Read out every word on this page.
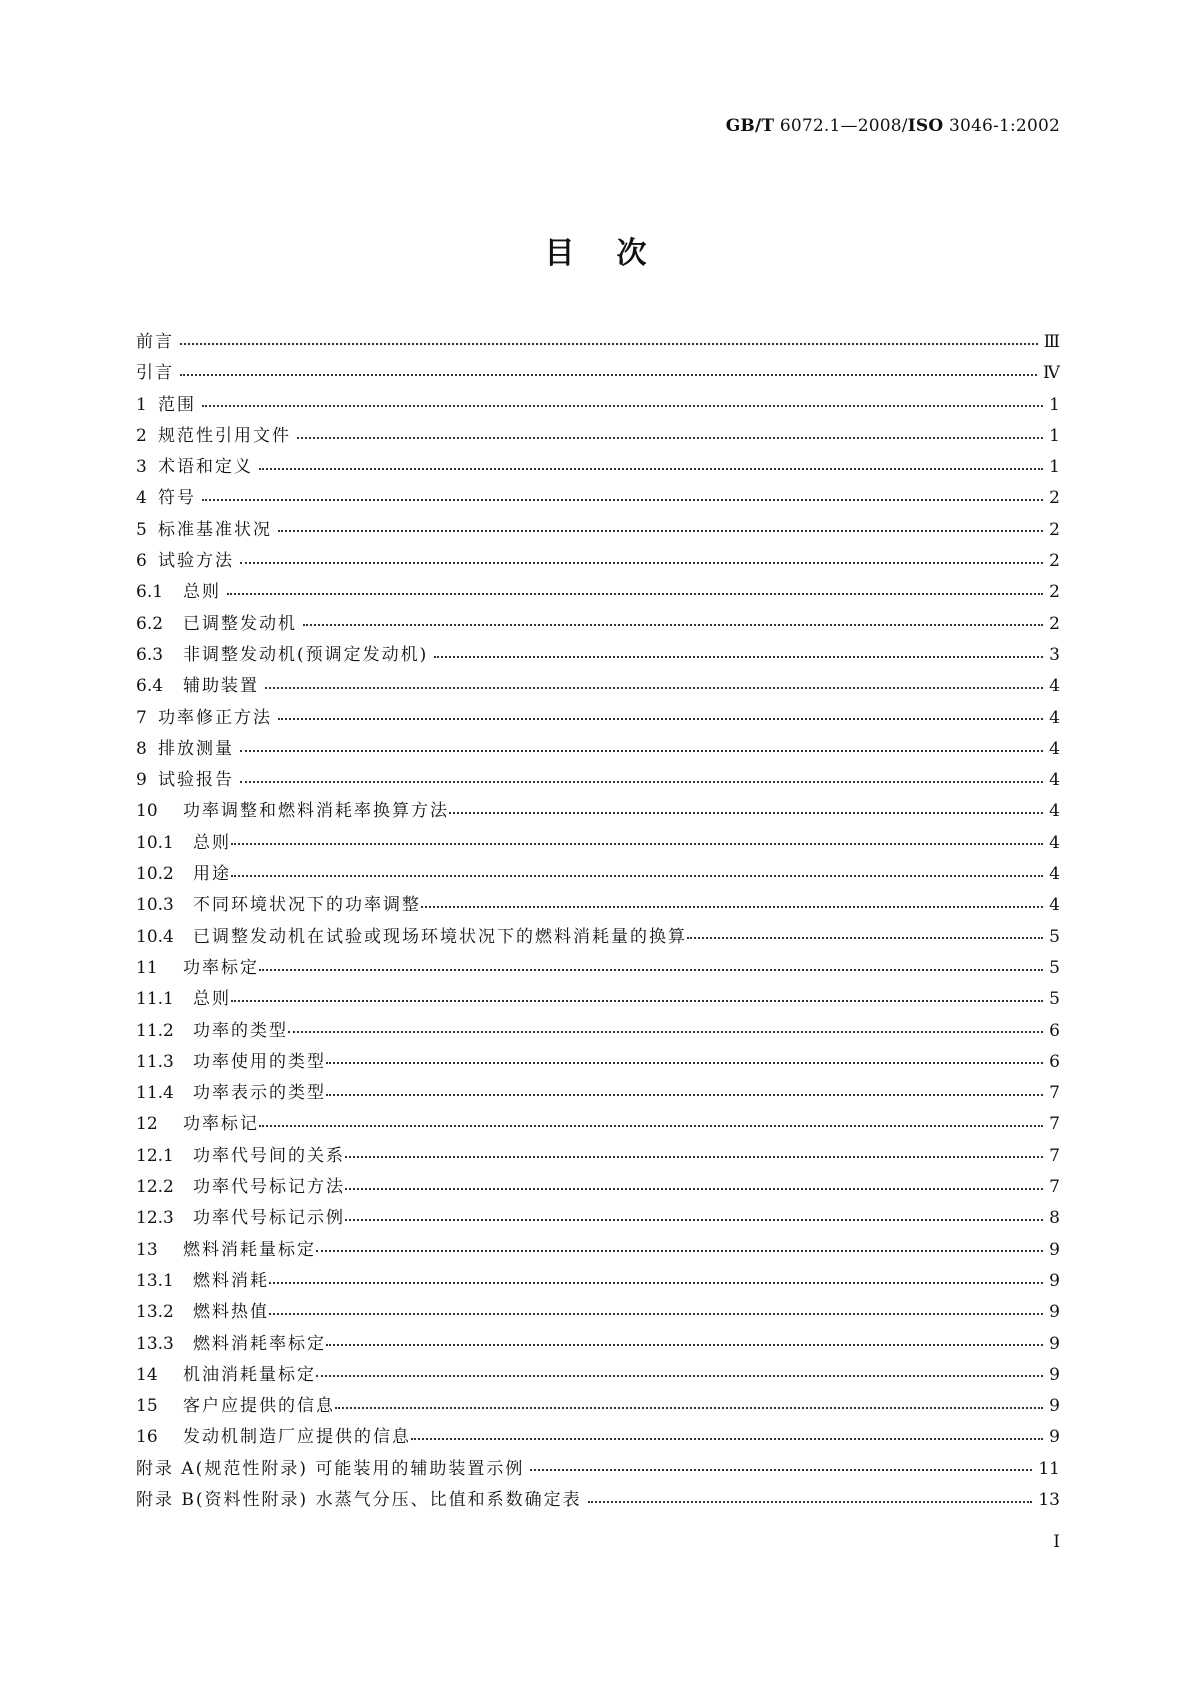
GB/T 6072.1—2008/ISO 3046-1:2002
目次
前言	Ⅲ
引言	Ⅳ
1 范围	1
2 规范性引用文件	1
3 术语和定义	1
4 符号	2
5 标准基准状况	2
6 试验方法	2
6.1	总则	2
6.2	已调整发动机	2
6.3	非调整发动机(预调定发动机)	3
6.4	辅助装置	4
7 功率修正方法	4
8 排放测量	4
9 试验报告	4
10	功率调整和燃料消耗率换算方法	4
10.1	总则	4
10.2	用途	4
10.3	不同环境状况下的功率调整	4
10.4	已调整发动机在试验或现场环境状况下的燃料消耗量的换算	5
11	功率标定	5
11.1	总则	5
11.2	功率的类型	6
11.3	功率使用的类型	6
11.4	功率表示的类型	7
12	功率标记	7
12.1	功率代号间的关系	7
12.2	功率代号标记方法	7
12.3	功率代号标记示例	8
13	燃料消耗量标定	9
13.1	燃料消耗	9
13.2	燃料热值	9
13.3	燃料消耗率标定	9
14	机油消耗量标定	9
15	客户应提供的信息	9
16	发动机制造厂应提供的信息	9
附录 A(规范性附录) 可能装用的辅助装置示例	11
附录 B(资料性附录) 水蒸气分压、比值和系数确定表	13
Ⅰ
